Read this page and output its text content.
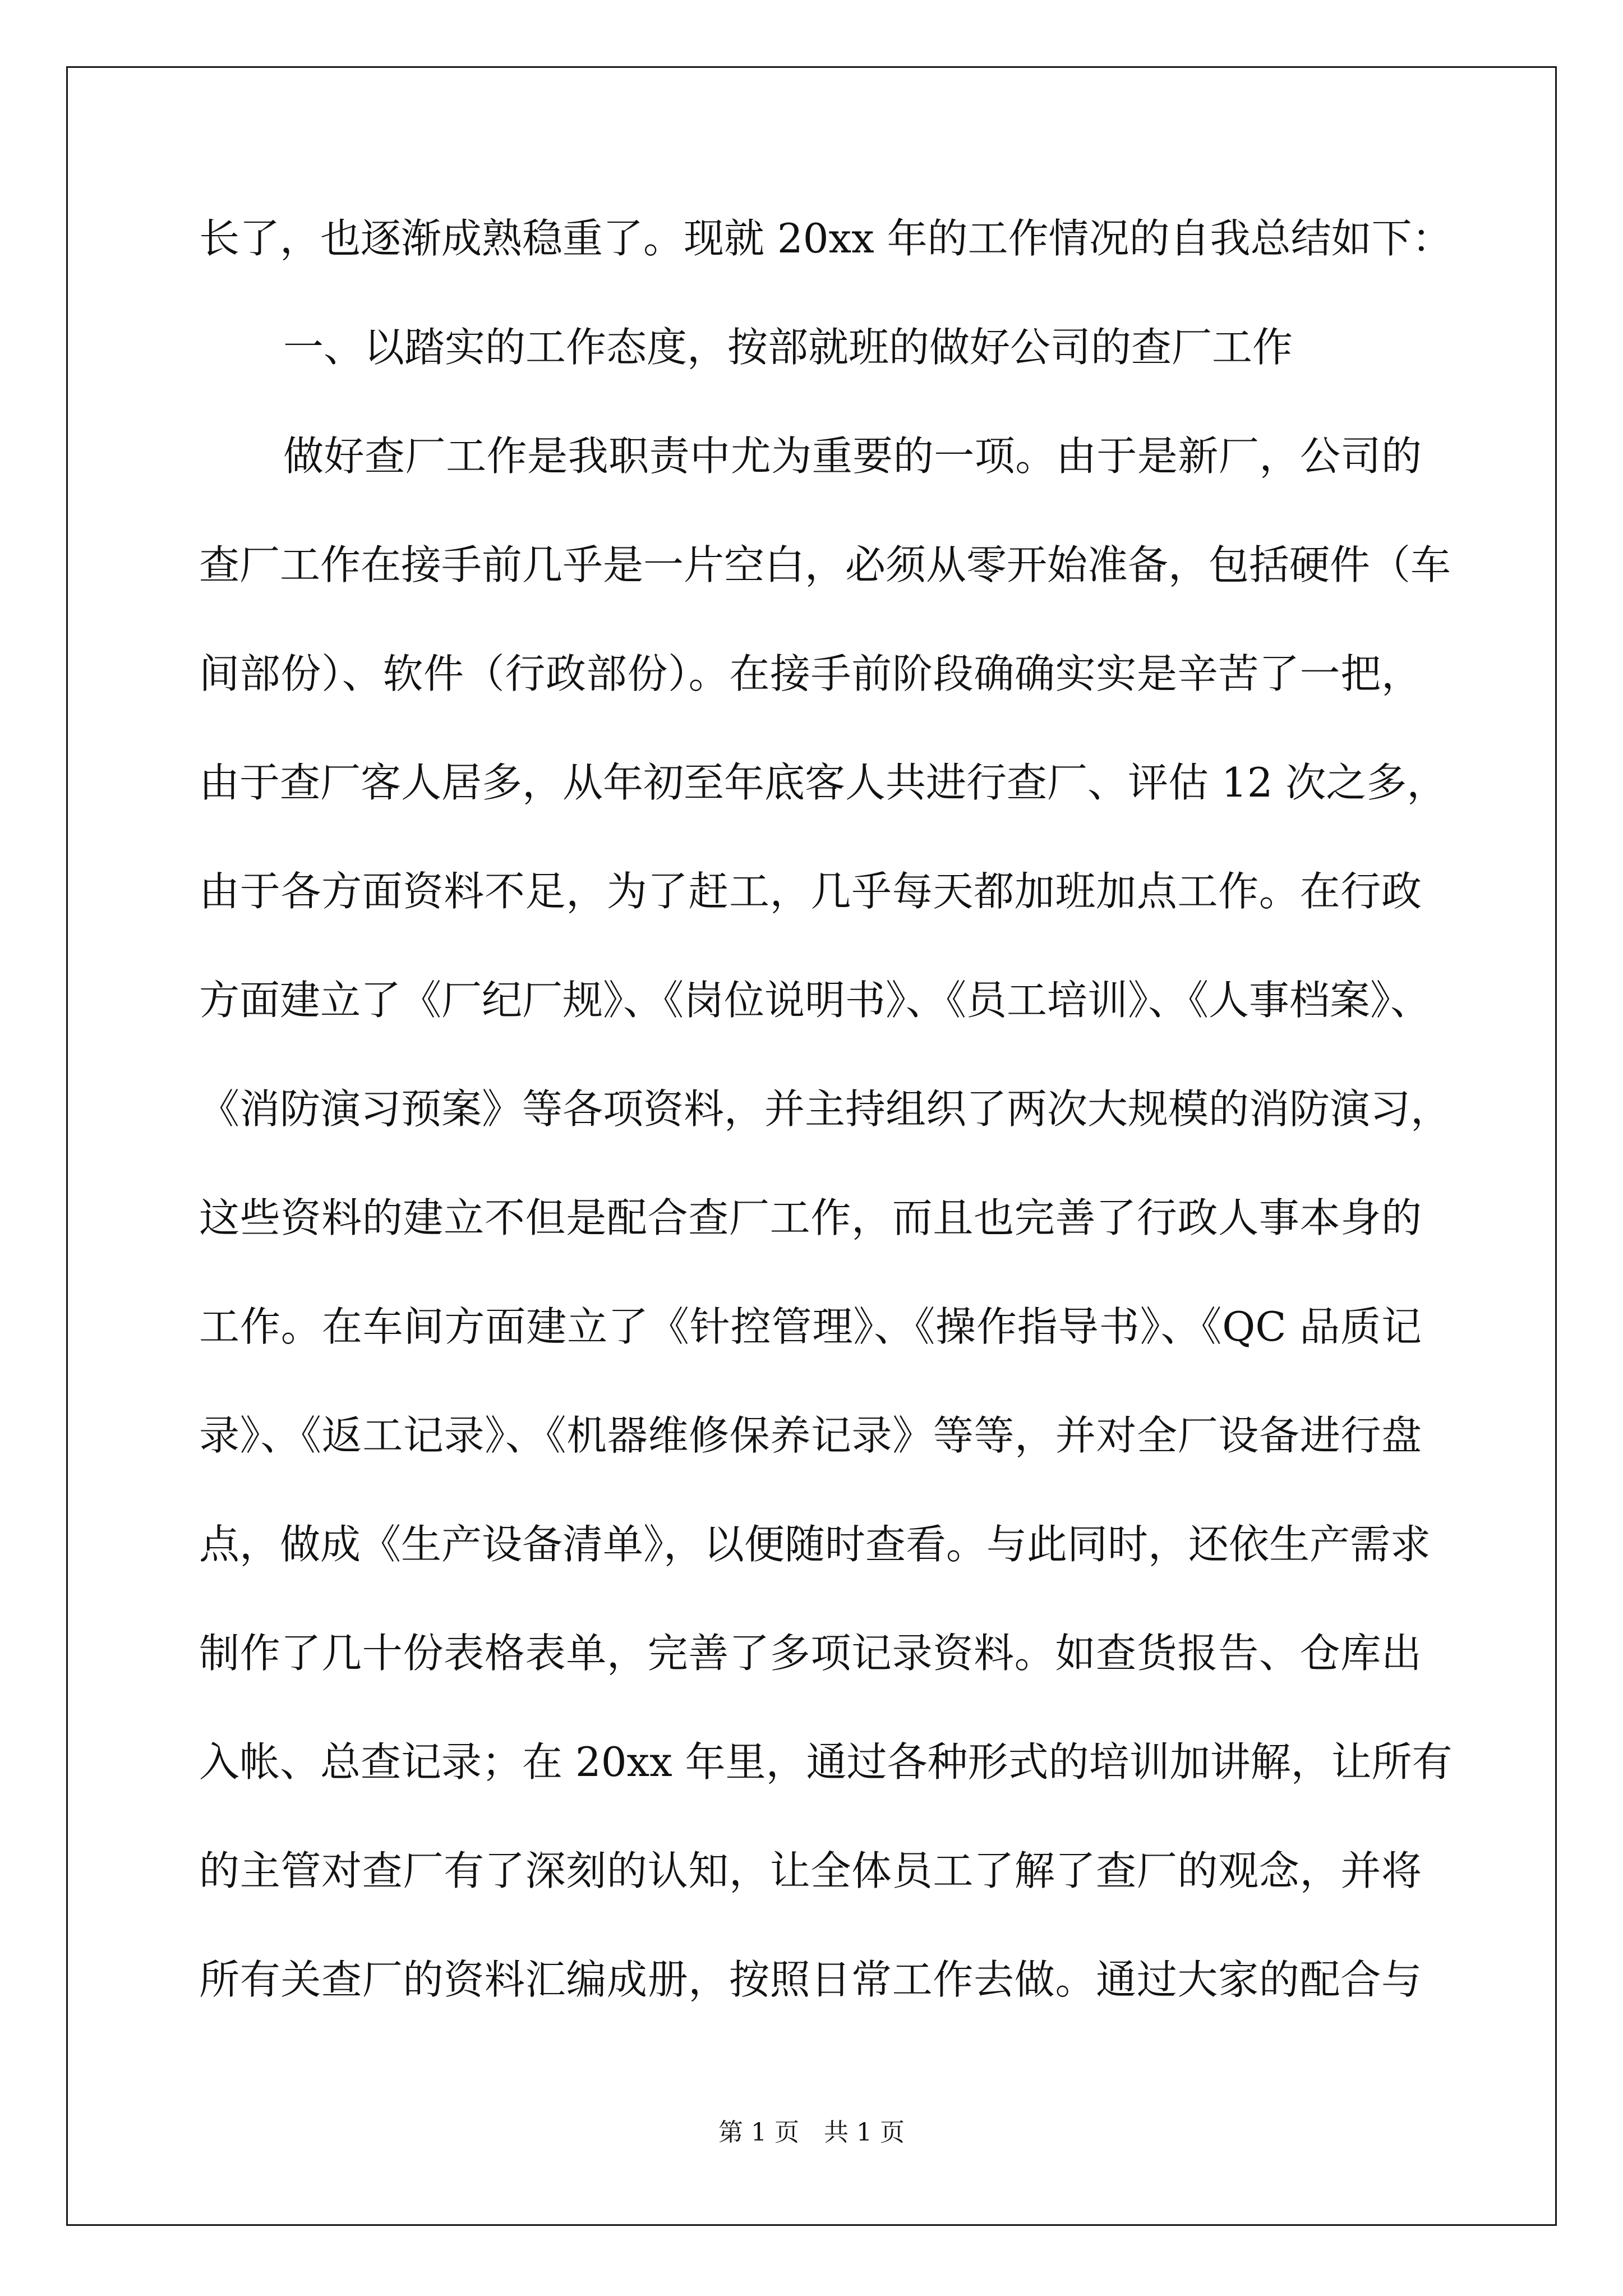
长了，也逐渐成熟稳重了。现就 20xx 年的工作情况的自我总结如下：
一、以踏实的工作态度，按部就班的做好公司的查厂工作
做好查厂工作是我职责中尤为重要的一项。由于是新厂，公司的
查厂工作在接手前几乎是一片空白，必须从零开始准备，包括硬件（车
间部份）、软件（行政部份）。在接手前阶段确确实实是辛苦了一把，
由于查厂客人居多，从年初至年底客人共进行查厂、评估 12 次之多，
由于各方面资料不足，为了赶工，几乎每天都加班加点工作。在行政
方面建立了《厂纪厂规》、《岗位说明书》、《员工培训》、《人事档案》、
《消防演习预案》等各项资料，并主持组织了两次大规模的消防演习，
这些资料的建立不但是配合查厂工作，而且也完善了行政人事本身的
工作。在车间方面建立了《针控管理》、《操作指导书》、《QC 品质记
录》、《返工记录》、《机器维修保养记录》等等，并对全厂设备进行盘
点，做成《生产设备清单》，以便随时查看。与此同时，还依生产需求
制作了几十份表格表单，完善了多项记录资料。如查货报告、仓库出
入帐、总查记录；在 20xx 年里，通过各种形式的培训加讲解，让所有
的主管对查厂有了深刻的认知，让全体员工了解了查厂的观念，并将
所有关查厂的资料汇编成册，按照日常工作去做。通过大家的配合与
第 1 页　共 1 页
